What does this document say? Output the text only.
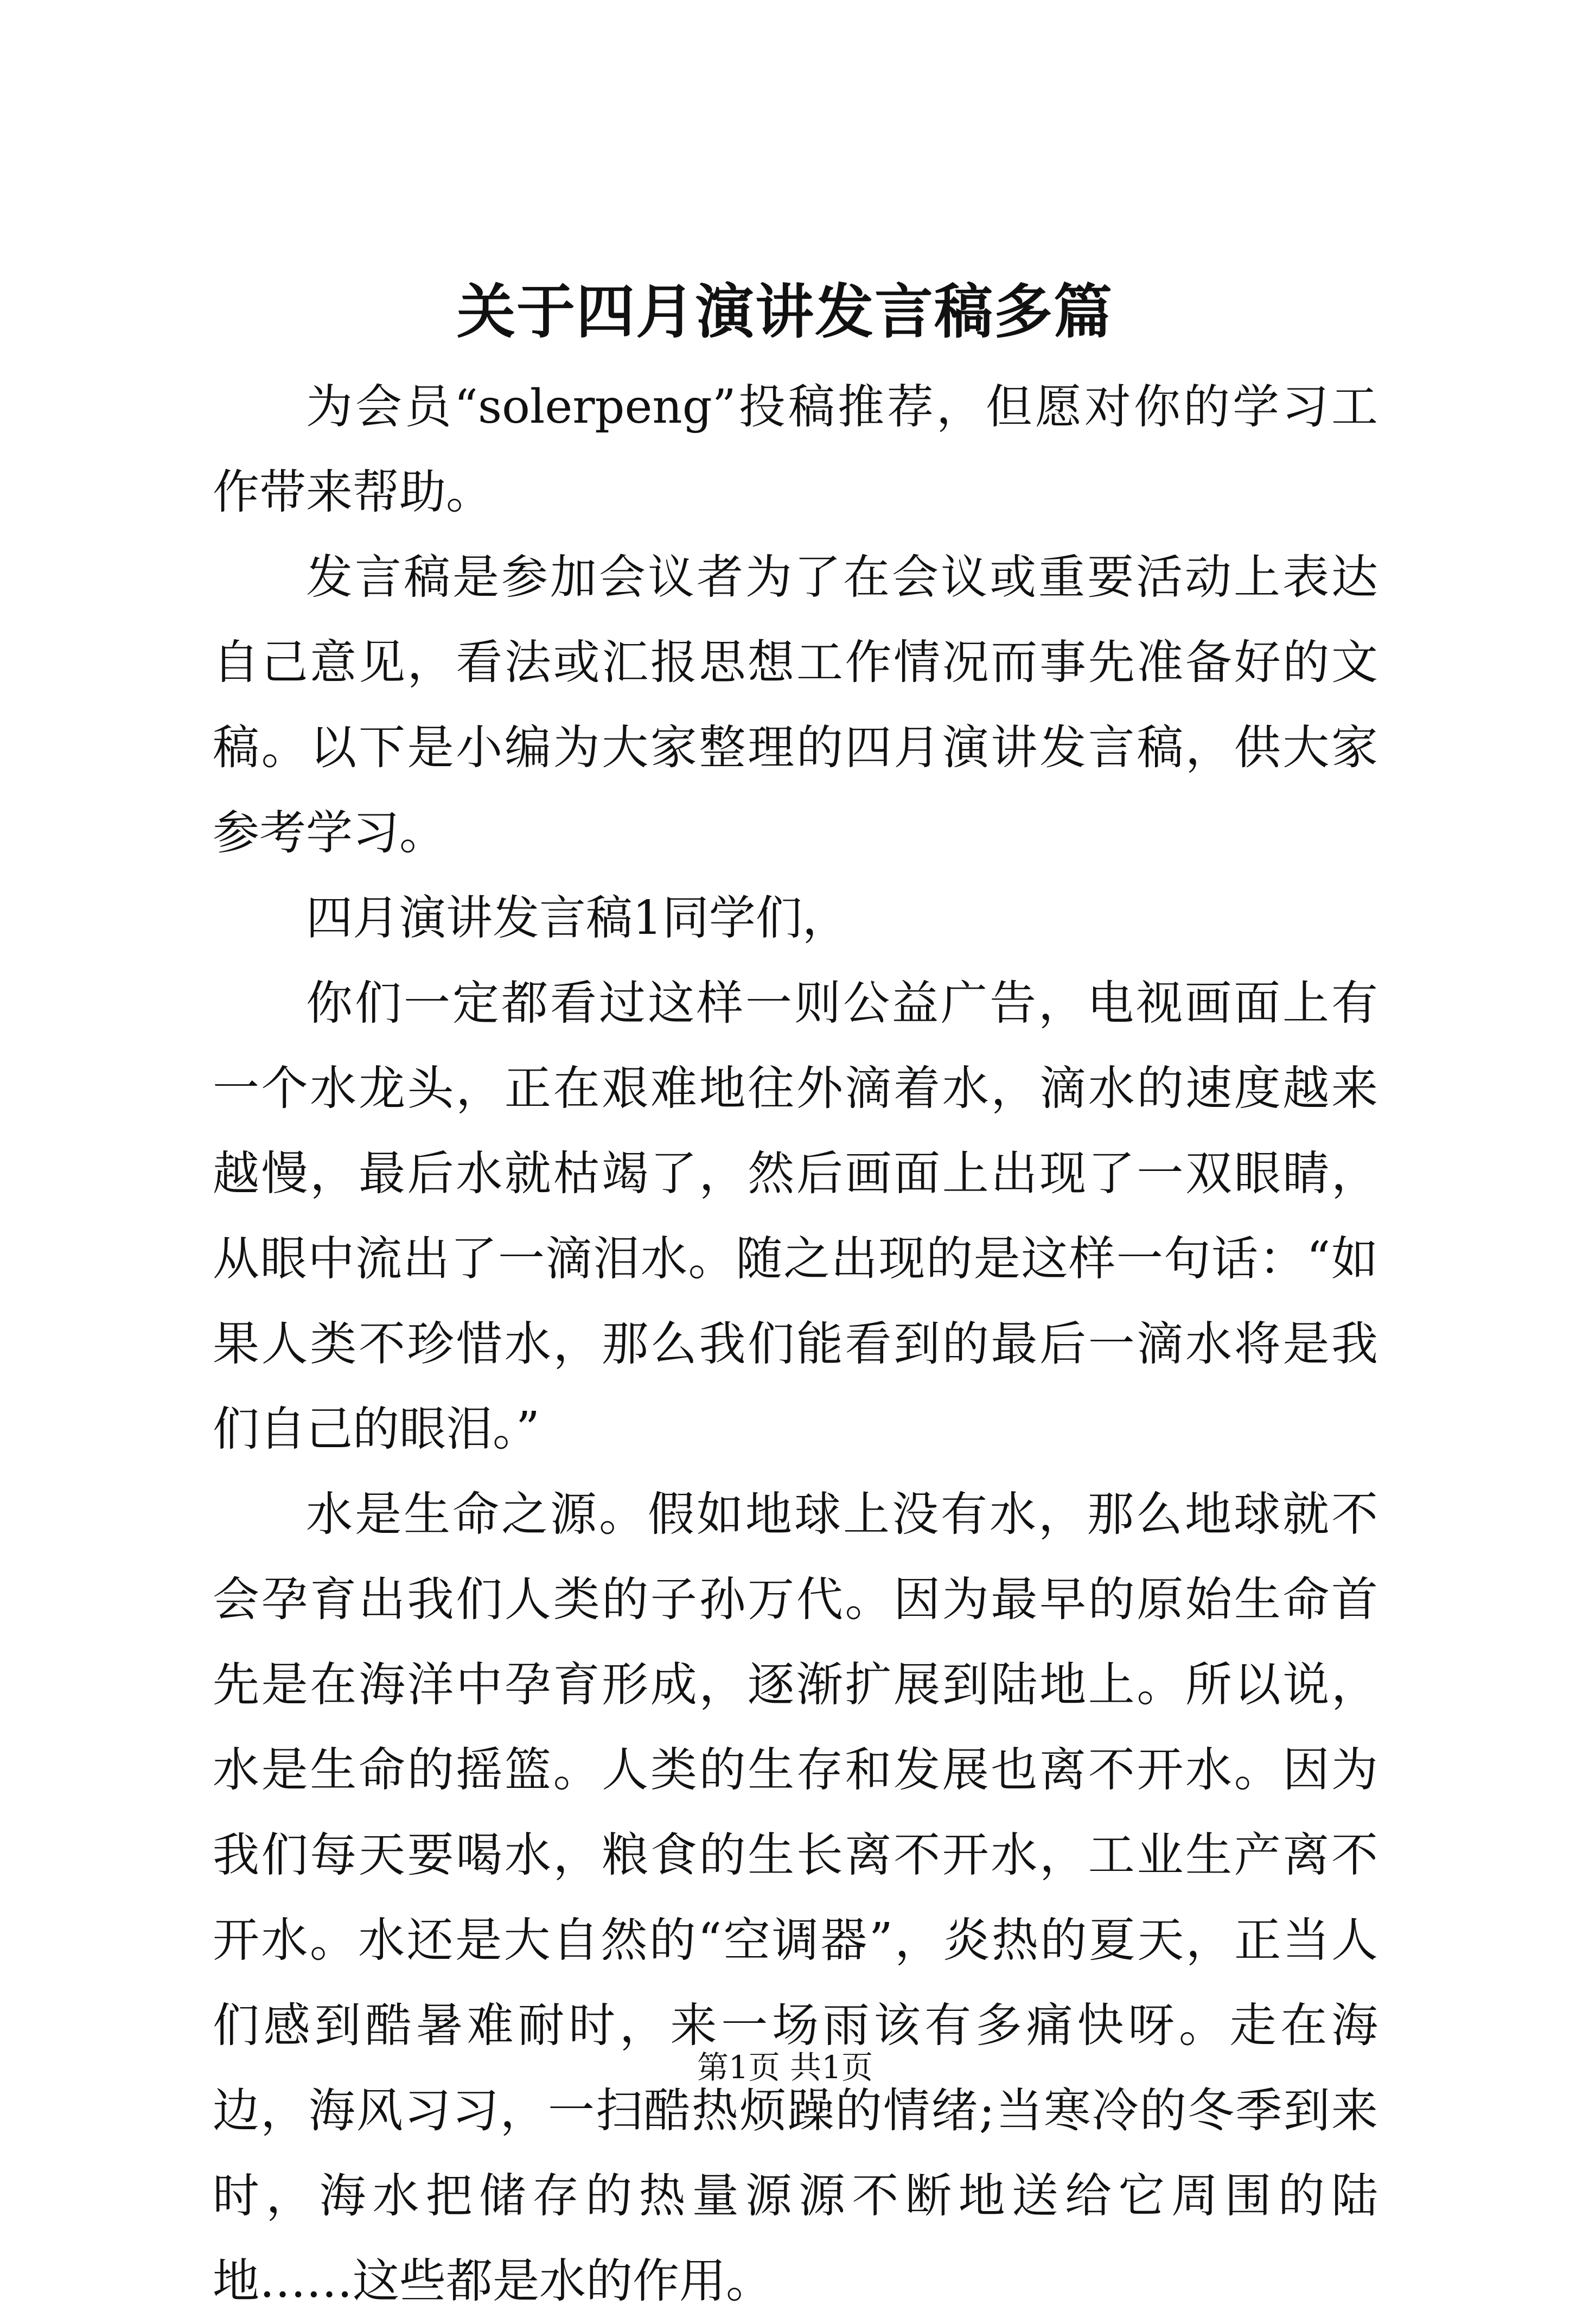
关于四月演讲发言稿多篇

为会员“solerpeng”投稿推荐，但愿对你的学习工作带来帮助。

发言稿是参加会议者为了在会议或重要活动上表达自己意见，看法或汇报思想工作情况而事先准备好的文稿。以下是小编为大家整理的四月演讲发言稿，供大家参考学习。

四月演讲发言稿1同学们，

你们一定都看过这样一则公益广告，电视画面上有一个水龙头，正在艰难地往外滴着水，滴水的速度越来越慢，最后水就枯竭了，然后画面上出现了一双眼睛，从眼中流出了一滴泪水。随之出现的是这样一句话：“如果人类不珍惜水，那么我们能看到的最后一滴水将是我们自己的眼泪。”

水是生命之源。假如地球上没有水，那么地球就不会孕育出我们人类的子孙万代。因为最早的原始生命首先是在海洋中孕育形成，逐渐扩展到陆地上。所以说，水是生命的摇篮。人类的生存和发展也离不开水。因为我们每天要喝水，粮食的生长离不开水，工业生产离不开水。水还是大自然的“空调器”，炎热的夏天，正当人们感到酷暑难耐时，来一场雨该有多痛快呀。走在海边，海风习习，一扫酷热烦躁的情绪;当寒冷的冬季到来时，海水把储存的热量源源不断地送给它周围的陆地……这些都是水的作用。

第1页 共1页
